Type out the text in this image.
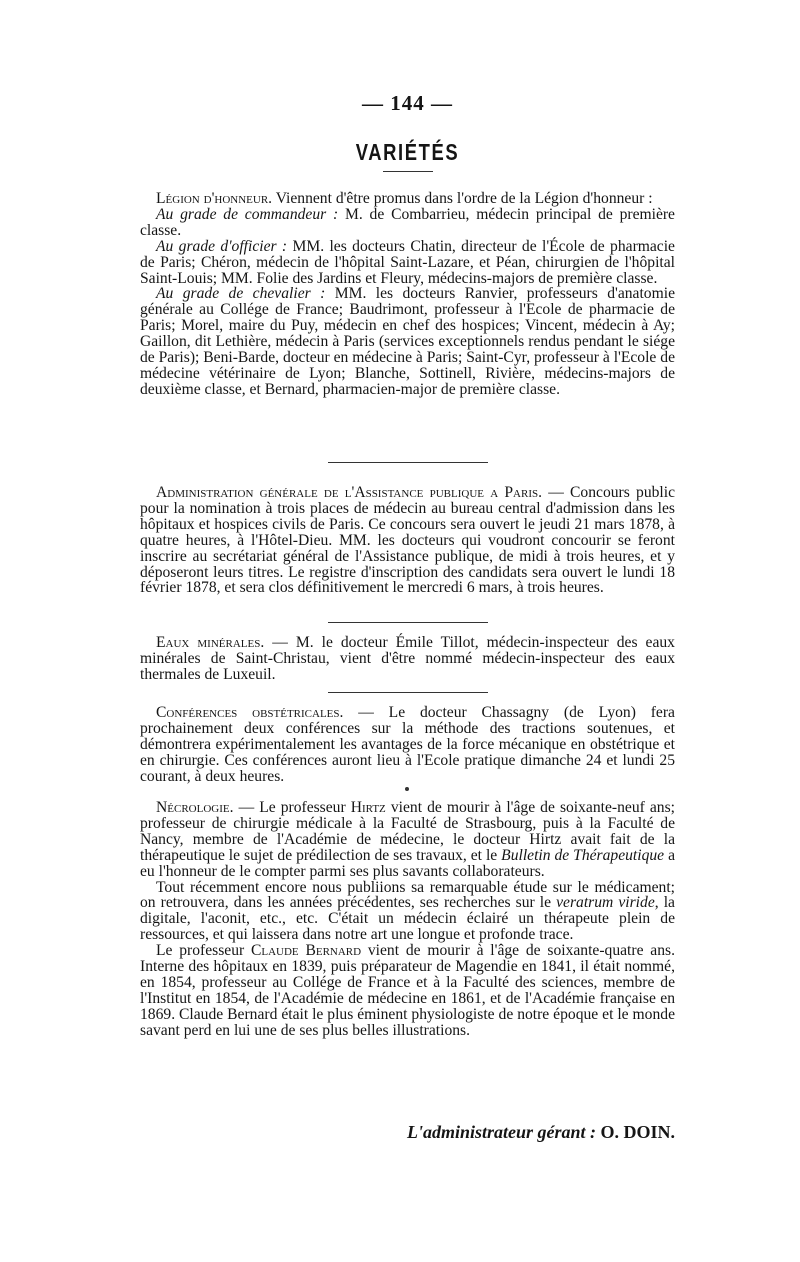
— 144 —
VARIÉTÉS

Légion d'honneur. Viennent d'être promus dans l'ordre de la Légion d'honneur :

Au grade de commandeur : M. de Combarrieu, médecin principal de première classe.

Au grade d'officier : MM. les docteurs Chatin, directeur de l'École de pharmacie de Paris; Chéron, médecin de l'hôpital Saint-Lazare, et Péan, chirurgien de l'hôpital Saint-Louis; MM. Folie des Jardins et Fleury, médecins-majors de première classe.

Au grade de chevalier : MM. les docteurs Ranvier, professeurs d'anatomie générale au Collége de France; Baudrimont, professeur à l'Ecole de pharmacie de Paris; Morel, maire du Puy, médecin en chef des hospices; Vincent, médecin à Ay; Gaillon, dit Lethière, médecin à Paris (services exceptionnels rendus pendant le siége de Paris); Beni-Barde, docteur en médecine à Paris; Saint-Cyr, professeur à l'Ecole de médecine vétérinaire de Lyon; Blanche, Sottinell, Rivière, médecins-majors de deuxième classe, et Bernard, pharmacien-major de première classe.

Administration générale de l'Assistance publique a Paris. — Concours public pour la nomination à trois places de médecin au bureau central d'admission dans les hôpitaux et hospices civils de Paris. Ce concours sera ouvert le jeudi 21 mars 1878, à quatre heures, à l'Hôtel-Dieu. MM. les docteurs qui voudront concourir se feront inscrire au secrétariat général de l'Assistance publique, de midi à trois heures, et y déposeront leurs titres. Le registre d'inscription des candidats sera ouvert le lundi 18 février 1878, et sera clos définitivement le mercredi 6 mars, à trois heures.

Eaux minérales. — M. le docteur Émile Tillot, médecin-inspecteur des eaux minérales de Saint-Christau, vient d'être nommé médecin-inspecteur des eaux thermales de Luxeuil.

Conférences obstétricales. — Le docteur Chassagny (de Lyon) fera prochainement deux conférences sur la méthode des tractions soutenues, et démontrera expérimentalement les avantages de la force mécanique en obstétrique et en chirurgie. Ces conférences auront lieu à l'Ecole pratique dimanche 24 et lundi 25 courant, à deux heures.

Nécrologie. — Le professeur Hirtz vient de mourir à l'âge de soixante-neuf ans; professeur de chirurgie médicale à la Faculté de Strasbourg, puis à la Faculté de Nancy, membre de l'Académie de médecine, le docteur Hirtz avait fait de la thérapeutique le sujet de prédilection de ses travaux, et le Bulletin de Thérapeutique a eu l'honneur de le compter parmi ses plus savants collaborateurs.

Tout récemment encore nous publiions sa remarquable étude sur le médicament; on retrouvera, dans les années précédentes, ses recherches sur le veratrum viride, la digitale, l'aconit, etc., etc. C'était un médecin éclairé un thérapeute plein de ressources, et qui laissera dans notre art une longue et profonde trace.

Le professeur Claude Bernard vient de mourir à l'âge de soixante-quatre ans. Interne des hôpitaux en 1839, puis préparateur de Magendie en 1841, il était nommé, en 1854, professeur au Collége de France et à la Faculté des sciences, membre de l'Institut en 1854, de l'Académie de médecine en 1861, et de l'Académie française en 1869. Claude Bernard était le plus éminent physiologiste de notre époque et le monde savant perd en lui une de ses plus belles illustrations.

L'administrateur gérant : O. DOIN.
